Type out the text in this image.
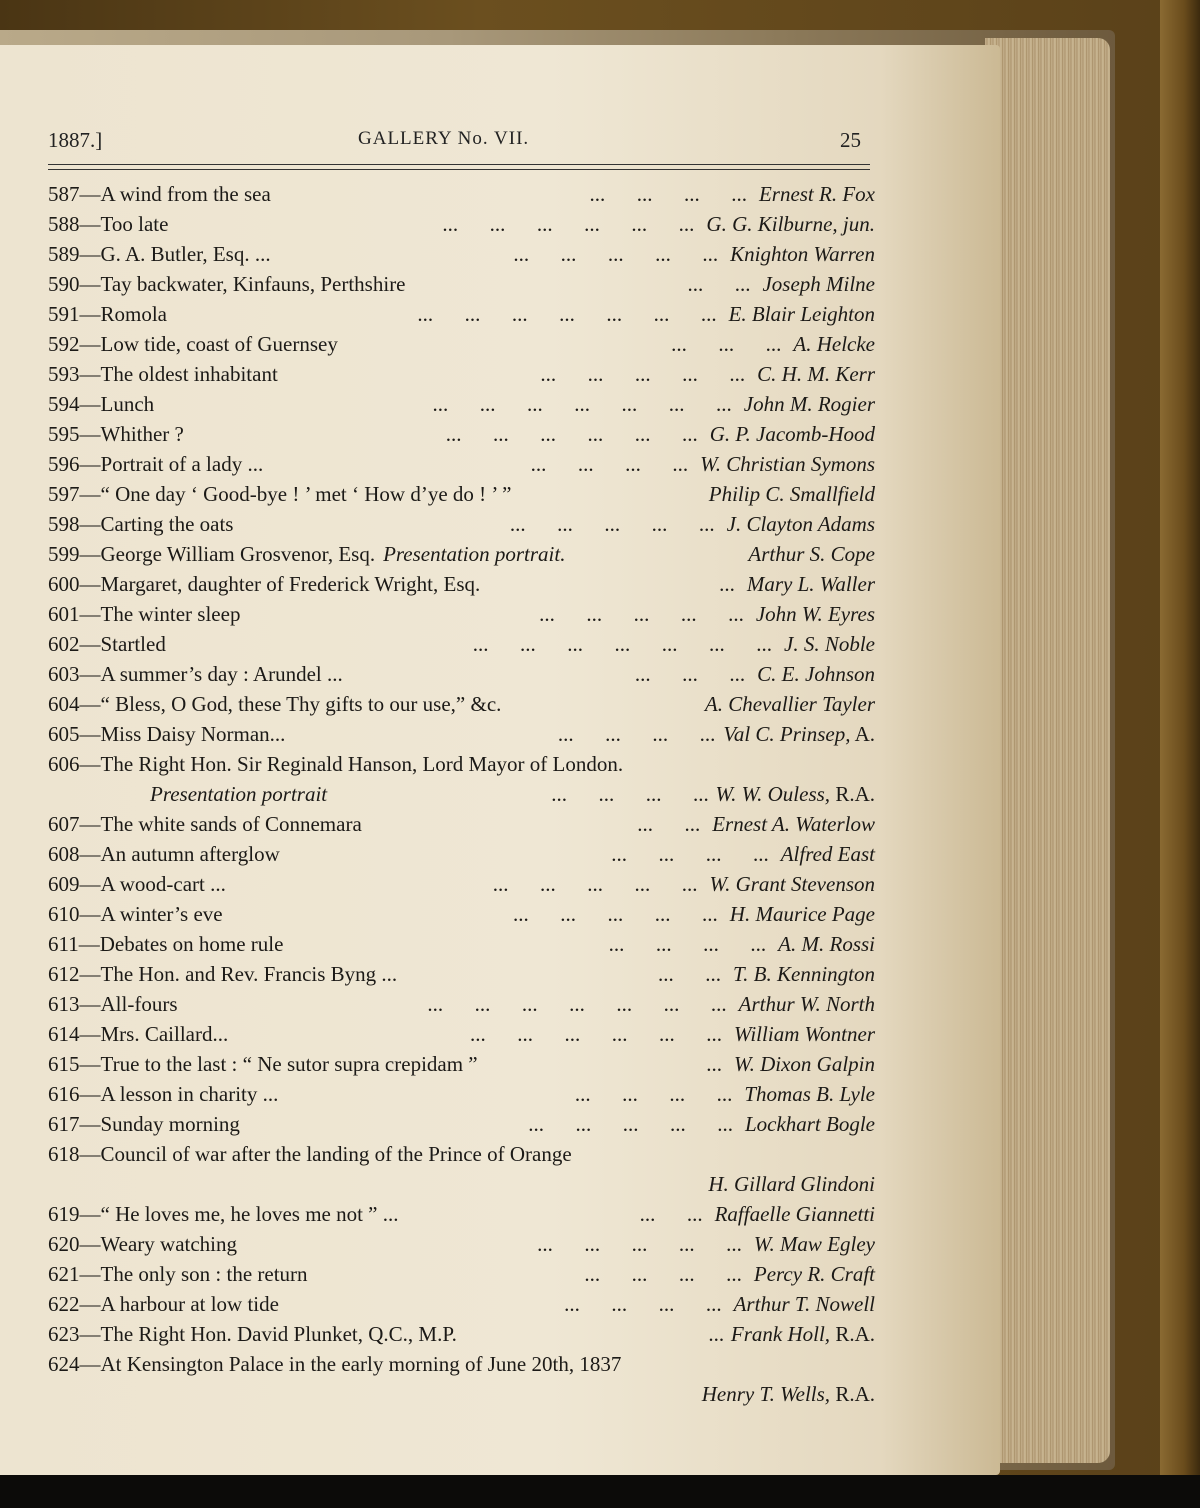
1887.]	GALLERY No. VII.	25
587— A wind from the sea	Ernest R. Fox
...      ...      ...      ...
588— Too late	G. G. Kilburne, jun.
...      ...      ...      ...      ...      ...
589— G. A. Butler, Esq. ...	Knighton Warren
...      ...      ...      ...      ...
590— Tay backwater, Kinfauns, Perthshire	Joseph Milne
...      ...
591— Romola	E. Blair Leighton
...      ...      ...      ...      ...      ...      ...
592— Low tide, coast of Guernsey	A. Helcke
...      ...      ...
593— The oldest inhabitant	C. H. M. Kerr
...      ...      ...      ...      ...
594— Lunch	John M. Rogier
...      ...      ...      ...      ...      ...      ...
595— Whither ?	G. P. Jacomb-Hood
...      ...      ...      ...      ...      ...
596— Portrait of a lady ...	W. Christian Symons
...      ...      ...      ...
597— “ One day ‘ Good-bye ! ’ met ‘ How d’ye do ! ’ ”	Philip C. Smallfield
598— Carting the oats	J. Clayton Adams
...      ...      ...      ...      ...
599— George William Grosvenor, Esq. Presentation portrait.	Arthur S. Cope
600— Margaret, daughter of Frederick Wright, Esq.	Mary L. Waller
...
601— The winter sleep	John W. Eyres
...      ...      ...      ...      ...
602— Startled	J. S. Noble
...      ...      ...      ...      ...      ...      ...
603— A summer’s day : Arundel ...	C. E. Johnson
...      ...      ...
604— “ Bless, O God, these Thy gifts to our use,” &c.	A. Chevallier Tayler
605— Miss Daisy Norman...	Val C. Prinsep, A.
...      ...      ...      ...
606— The Right Hon. Sir Reginald Hanson, Lord Mayor of London.
Presentation portrait	W. W. Ouless, R.A.
...      ...      ...      ...
607— The white sands of Connemara	Ernest A. Waterlow
...      ...
608— An autumn afterglow	Alfred East
...      ...      ...      ...
609— A wood-cart ...	W. Grant Stevenson
...      ...      ...      ...      ...
610— A winter’s eve	H. Maurice Page
...      ...      ...      ...      ...
611— Debates on home rule	A. M. Rossi
...      ...      ...      ...
612— The Hon. and Rev. Francis Byng ...	T. B. Kennington
...      ...
613— All-fours	Arthur W. North
...      ...      ...      ...      ...      ...      ...
614— Mrs. Caillard...	William Wontner
...      ...      ...      ...      ...      ...
615— True to the last : “ Ne sutor supra crepidam ”	W. Dixon Galpin
...
616— A lesson in charity ...	Thomas B. Lyle
...      ...      ...      ...
617— Sunday morning	Lockhart Bogle
...      ...      ...      ...      ...
618— Council of war after the landing of the Prince of Orange
H. Gillard Glindoni
619— “ He loves me, he loves me not ” ...	Raffaelle Giannetti
...      ...
620— Weary watching	W. Maw Egley
...      ...      ...      ...      ...
621— The only son : the return	Percy R. Craft
...      ...      ...      ...
622— A harbour at low tide	Arthur T. Nowell
...      ...      ...      ...
623— The Right Hon. David Plunket, Q.C., M.P.	Frank Holl, R.A.
...
624— At Kensington Palace in the early morning of June 20th, 1837
Henry T. Wells, R.A.
